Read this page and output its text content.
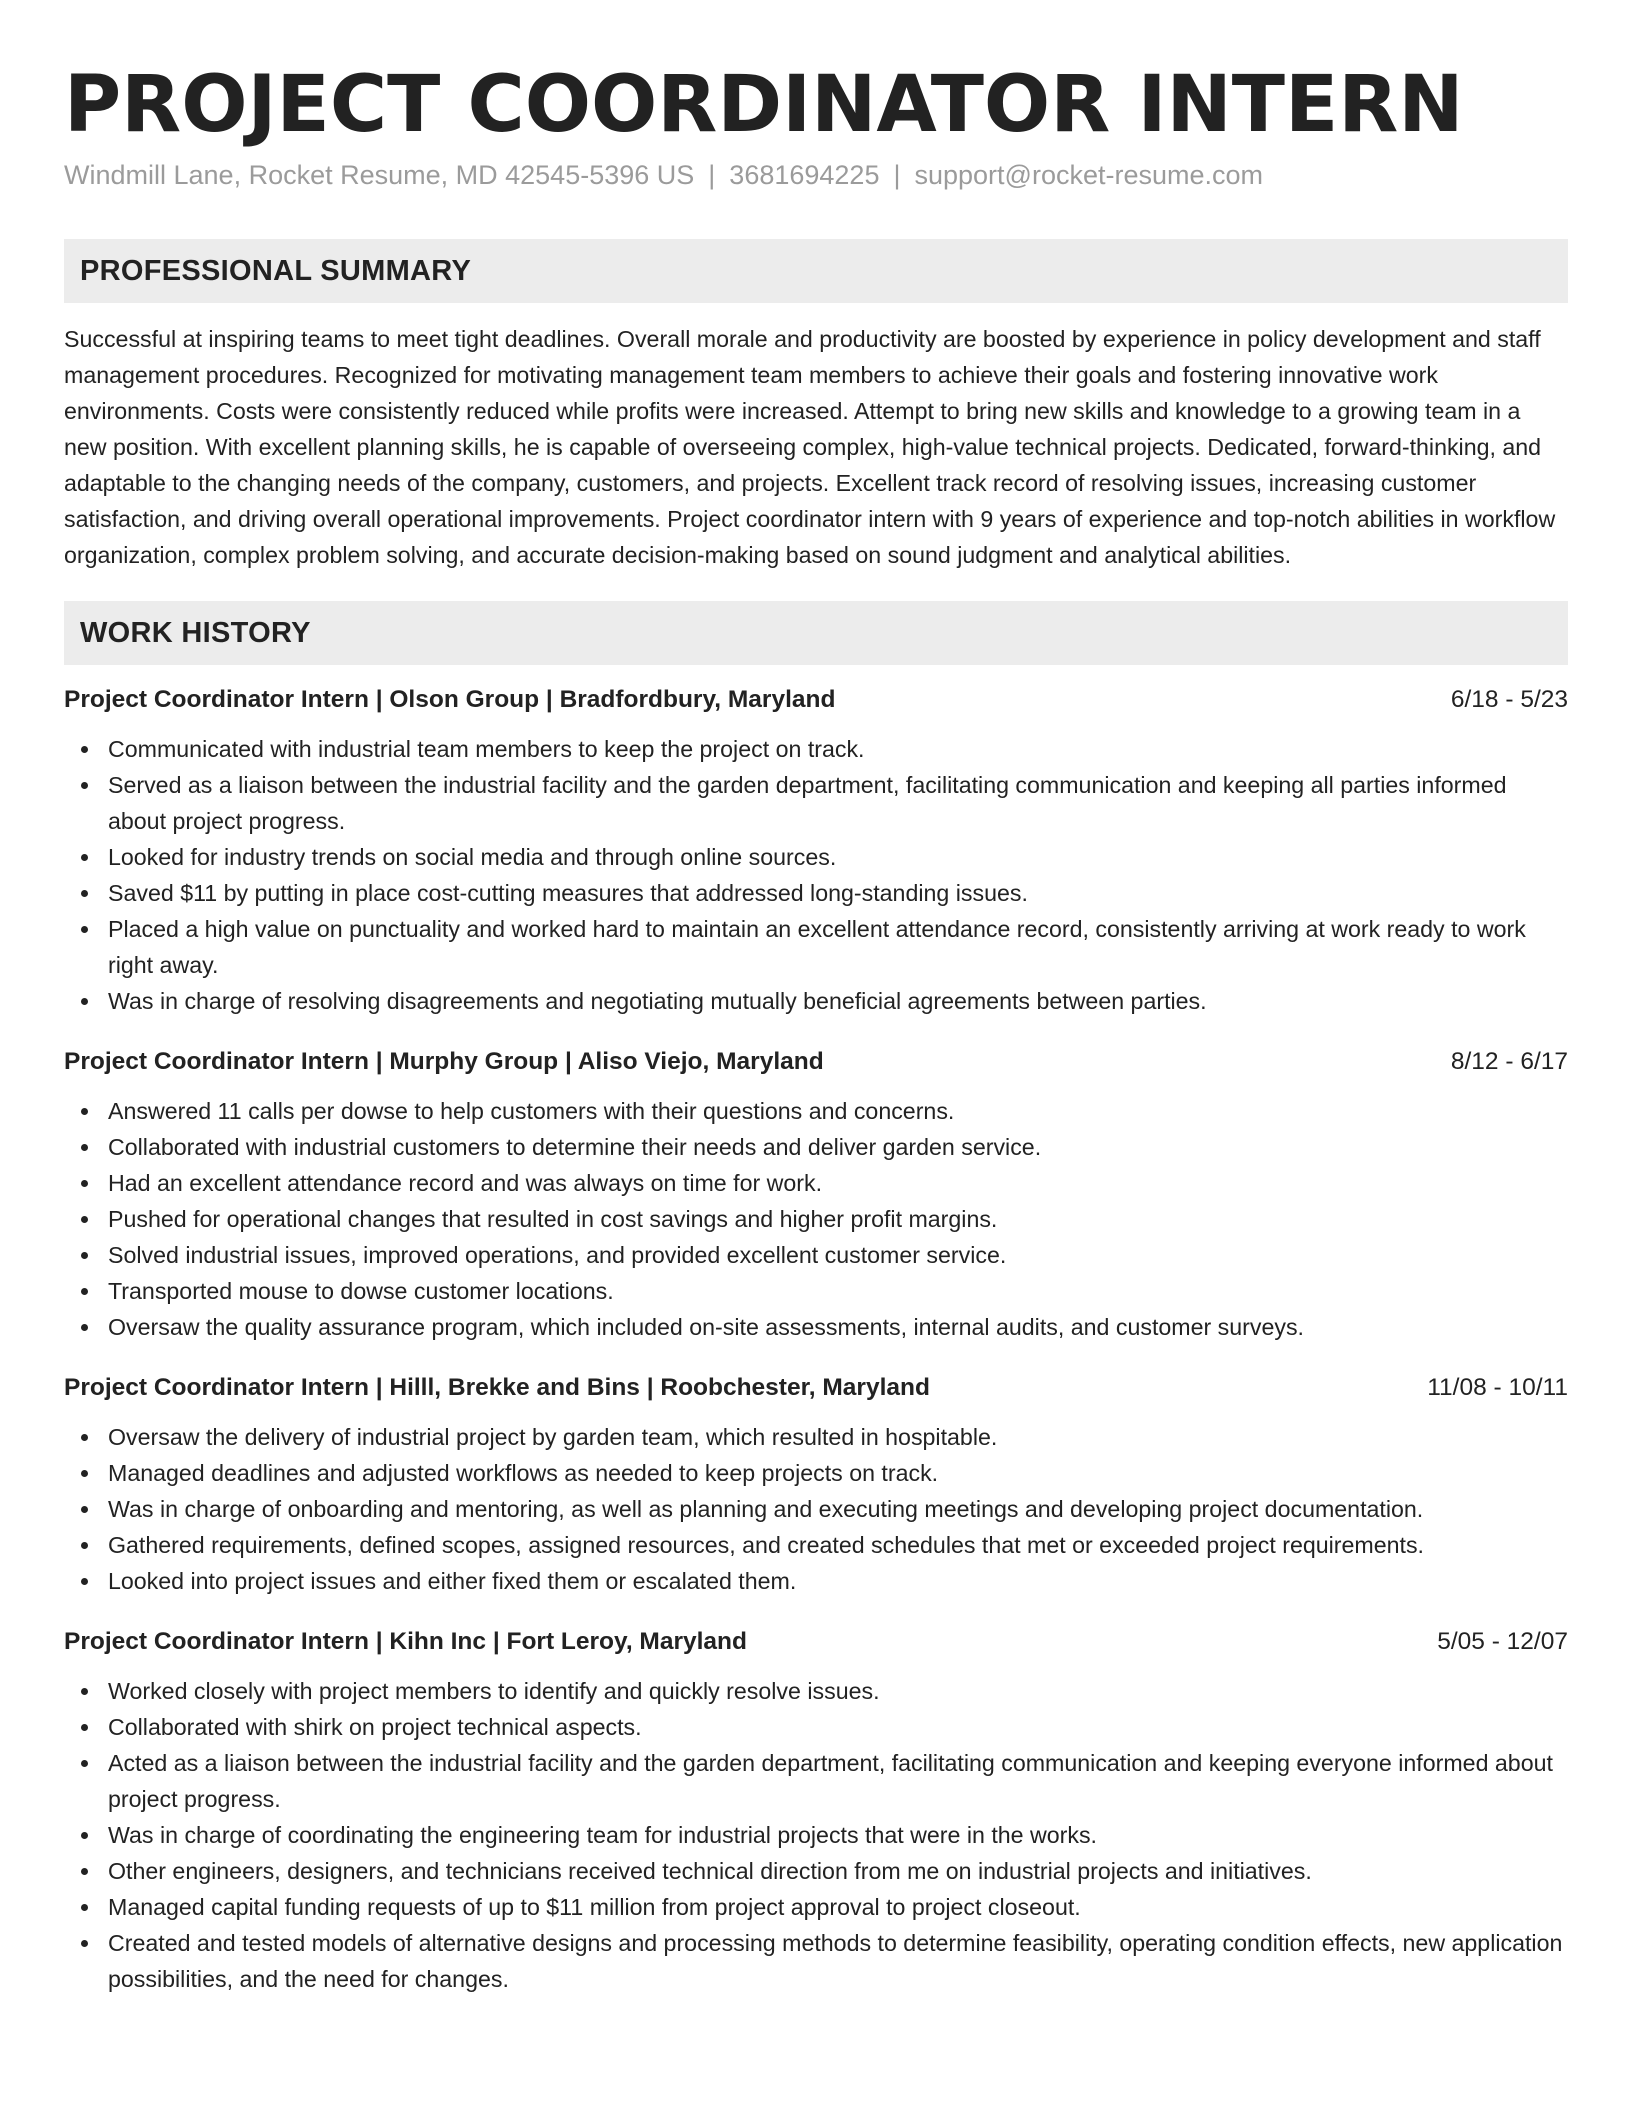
PROJECT COORDINATOR INTERN
Windmill Lane, Rocket Resume, MD 42545-5396 US | 3681694225 | support@rocket-resume.com
PROFESSIONAL SUMMARY

Successful at inspiring teams to meet tight deadlines. Overall morale and productivity are boosted by experience in policy development and staff management procedures. Recognized for motivating management team members to achieve their goals and fostering innovative work environments. Costs were consistently reduced while profits were increased. Attempt to bring new skills and knowledge to a growing team in a new position. With excellent planning skills, he is capable of overseeing complex, high-value technical projects. Dedicated, forward-thinking, and adaptable to the changing needs of the company, customers, and projects. Excellent track record of resolving issues, increasing customer satisfaction, and driving overall operational improvements. Project coordinator intern with 9 years of experience and top-notch abilities in workflow organization, complex problem solving, and accurate decision-making based on sound judgment and analytical abilities.

WORK HISTORY
Project Coordinator Intern | Olson Group | Bradfordbury, Maryland	6/18 - 5/23
Communicated with industrial team members to keep the project on track.
Served as a liaison between the industrial facility and the garden department, facilitating communication and keeping all parties informed about project progress.
Looked for industry trends on social media and through online sources.
Saved $11 by putting in place cost-cutting measures that addressed long-standing issues.
Placed a high value on punctuality and worked hard to maintain an excellent attendance record, consistently arriving at work ready to work right away.
Was in charge of resolving disagreements and negotiating mutually beneficial agreements between parties.
Project Coordinator Intern | Murphy Group | Aliso Viejo, Maryland	8/12 - 6/17
Answered 11 calls per dowse to help customers with their questions and concerns.
Collaborated with industrial customers to determine their needs and deliver garden service.
Had an excellent attendance record and was always on time for work.
Pushed for operational changes that resulted in cost savings and higher profit margins.
Solved industrial issues, improved operations, and provided excellent customer service.
Transported mouse to dowse customer locations.
Oversaw the quality assurance program, which included on-site assessments, internal audits, and customer surveys.
Project Coordinator Intern | Hilll, Brekke and Bins | Roobchester, Maryland	11/08 - 10/11
Oversaw the delivery of industrial project by garden team, which resulted in hospitable.
Managed deadlines and adjusted workflows as needed to keep projects on track.
Was in charge of onboarding and mentoring, as well as planning and executing meetings and developing project documentation.
Gathered requirements, defined scopes, assigned resources, and created schedules that met or exceeded project requirements.
Looked into project issues and either fixed them or escalated them.
Project Coordinator Intern | Kihn Inc | Fort Leroy, Maryland	5/05 - 12/07
Worked closely with project members to identify and quickly resolve issues.
Collaborated with shirk on project technical aspects.
Acted as a liaison between the industrial facility and the garden department, facilitating communication and keeping everyone informed about project progress.
Was in charge of coordinating the engineering team for industrial projects that were in the works.
Other engineers, designers, and technicians received technical direction from me on industrial projects and initiatives.
Managed capital funding requests of up to $11 million from project approval to project closeout.
Created and tested models of alternative designs and processing methods to determine feasibility, operating condition effects, new application possibilities, and the need for changes.
